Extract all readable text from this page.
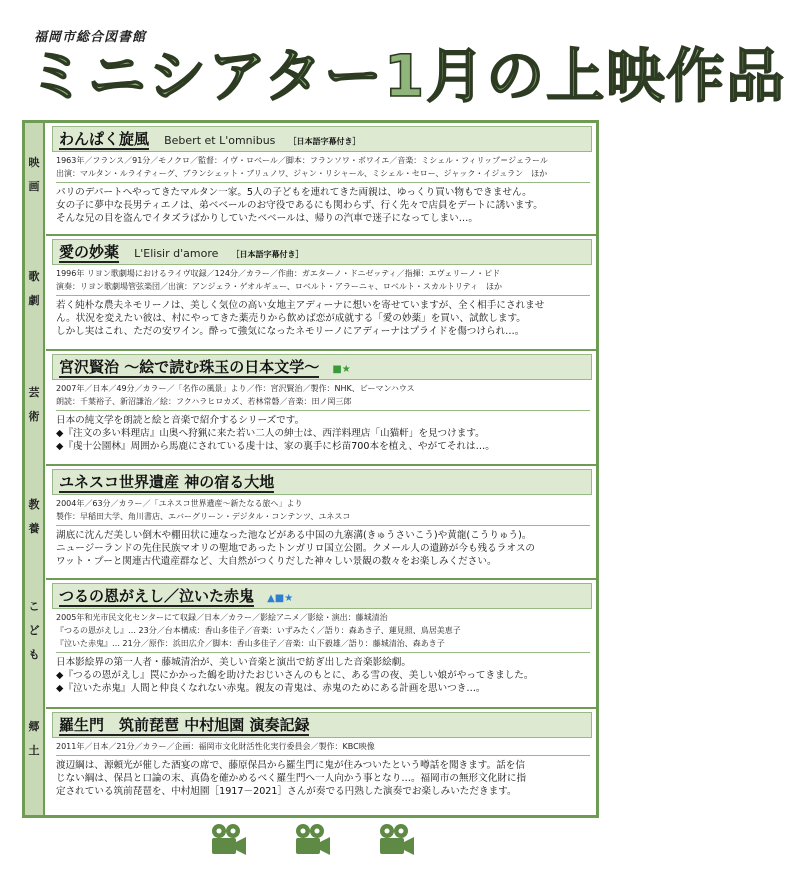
福岡市総合図書館
ミニシアター1月の上映作品
映
画
歌
劇
芸
術
教
養
こ
ど
も
郷
土
わんぱく旋風 Bebert et L'omnibus ［日本語字幕付き］
1963年／フランス／91分／モノクロ／監督：イヴ・ロベール／脚本：フランソワ・ボワイエ／音楽：ミシェル・フィリップ＝ジェラール
出演：マルタン・ルライティーグ、ブランシェット・ブリュノワ、ジャン・リシャール、ミシェル・セロー、ジャック・イジュラン　ほか
パリのデパートへやってきたマルタン一家。5人の子どもを連れてきた両親は、ゆっくり買い物もできません。
女の子に夢中な長男ティエノは、弟ベベールのお守役であるにも関わらず、行く先々で店員をデートに誘います。
そんな兄の目を盗んでイタズラばかりしていたベベールは、帰りの汽車で迷子になってしまい…。
愛の妙薬 L'Elisir d'amore ［日本語字幕付き］
1996年 リヨン歌劇場におけるライヴ収録／124分／カラー／作曲：ガエターノ・ドニゼッティ／指揮：エヴェリーノ・ピド
演奏：リヨン歌劇場管弦楽団／出演：アンジェラ・ゲオルギュー、ロベルト・アラーニャ、ロベルト・スカルトリティ　ほか
若く純朴な農夫ネモリーノは、美しく気位の高い女地主アディーナに想いを寄せていますが、全く相手にされませ
ん。状況を変えたい彼は、村にやってきた薬売りから飲めば恋が成就する「愛の妙薬」を買い、試飲します。
しかし実はこれ、ただの安ワイン。酔って強気になったネモリーノにアディーナはプライドを傷つけられ…。
宮沢賢治 ～絵で読む珠玉の日本文学～ ■★
2007年／日本／49分／カラー／「名作の風景」より／作：宮沢賢治／製作：NHK、ビーマンハウス
朗読：千葉裕子、新沼謙治／絵：フクハラヒロカズ、若林常磐／音楽：田ノ岡三郎
日本の純文学を朗読と絵と音楽で紹介するシリーズです。
◆『注文の多い料理店』山奥へ狩猟に来た若い二人の紳士は、西洋料理店「山猫軒」を見つけます。
◆『虔十公園林』周囲から馬鹿にされている虔十は、家の裏手に杉苗700本を植え、やがてそれは…。
ユネスコ世界遺産 神の宿る大地
2004年／63分／カラー／「ユネスコ世界遺産～新たなる旅へ」より
製作：早稲田大学、角川書店、エバーグリーン・デジタル・コンテンツ、ユネスコ
湖底に沈んだ美しい倒木や棚田状に連なった池などがある中国の九寨溝(きゅうさいこう)や黄龍(こうりゅう)。
ニュージーランドの先住民族マオリの聖地であったトンガリロ国立公園。クメール人の遺跡が今も残るラオスの
ワット・プーと関連古代遺産群など、大自然がつくりだした神々しい景観の数々をお楽しみください。
つるの恩がえし／泣いた赤鬼 ▲■★
2005年和光市民文化センターにて収録／日本／カラー／影絵アニメ／影絵・演出：藤城清治
『つるの恩がえし』… 23分／台本構成：香山多佳子／音楽：いずみたく／語り：森あき子、蓮見照、鳥居美恵子
『泣いた赤鬼』… 21分／原作：浜田広介／脚本：香山多佳子／音楽：山下毅雄／語り：藤城清治、森あき子
日本影絵界の第一人者・藤城清治が、美しい音楽と演出で紡ぎ出した音楽影絵劇。
◆『つるの恩がえし』罠にかかった鶴を助けたおじいさんのもとに、ある雪の夜、美しい娘がやってきました。
◆『泣いた赤鬼』人間と仲良くなれない赤鬼。親友の青鬼は、赤鬼のためにある計画を思いつき…。
羅生門　筑前琵琶 中村旭園 演奏記録
2011年／日本／21分／カラー／企画：福岡市文化財活性化実行委員会／製作：KBC映像
渡辺綱は、源頼光が催した酒宴の席で、藤原保昌から羅生門に鬼が住みついたという噂話を聞きます。話を信
じない綱は、保昌と口論の末、真偽を確かめるべく羅生門へ一人向かう事となり…。福岡市の無形文化財に指
定されている筑前琵琶を、中村旭園［1917－2021］さんが奏でる円熟した演奏でお楽しみいただきます。
